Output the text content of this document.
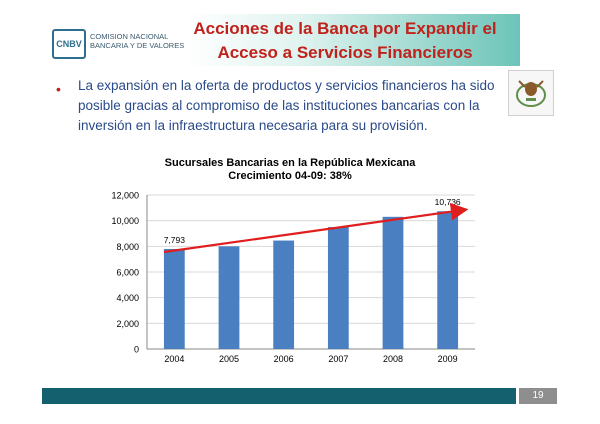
CNBV
COMISION NACIONAL
BANCARIA Y DE VALORES
Acciones de la Banca por Expandir el
Acceso a Servicios Financieros
• La expansión en la oferta de productos y servicios financieros ha sido posible gracias al compromiso de las instituciones bancarias con la inversión en la infraestructura necesaria para su provisión.
Sucursales Bancarias en la República Mexicana
Crecimiento 04-09: 38%
0
2,000
4,000
6,000
8,000
10,000
12,000
2004	2005	2006	2007	2008	2009
7,793
10,736
19
